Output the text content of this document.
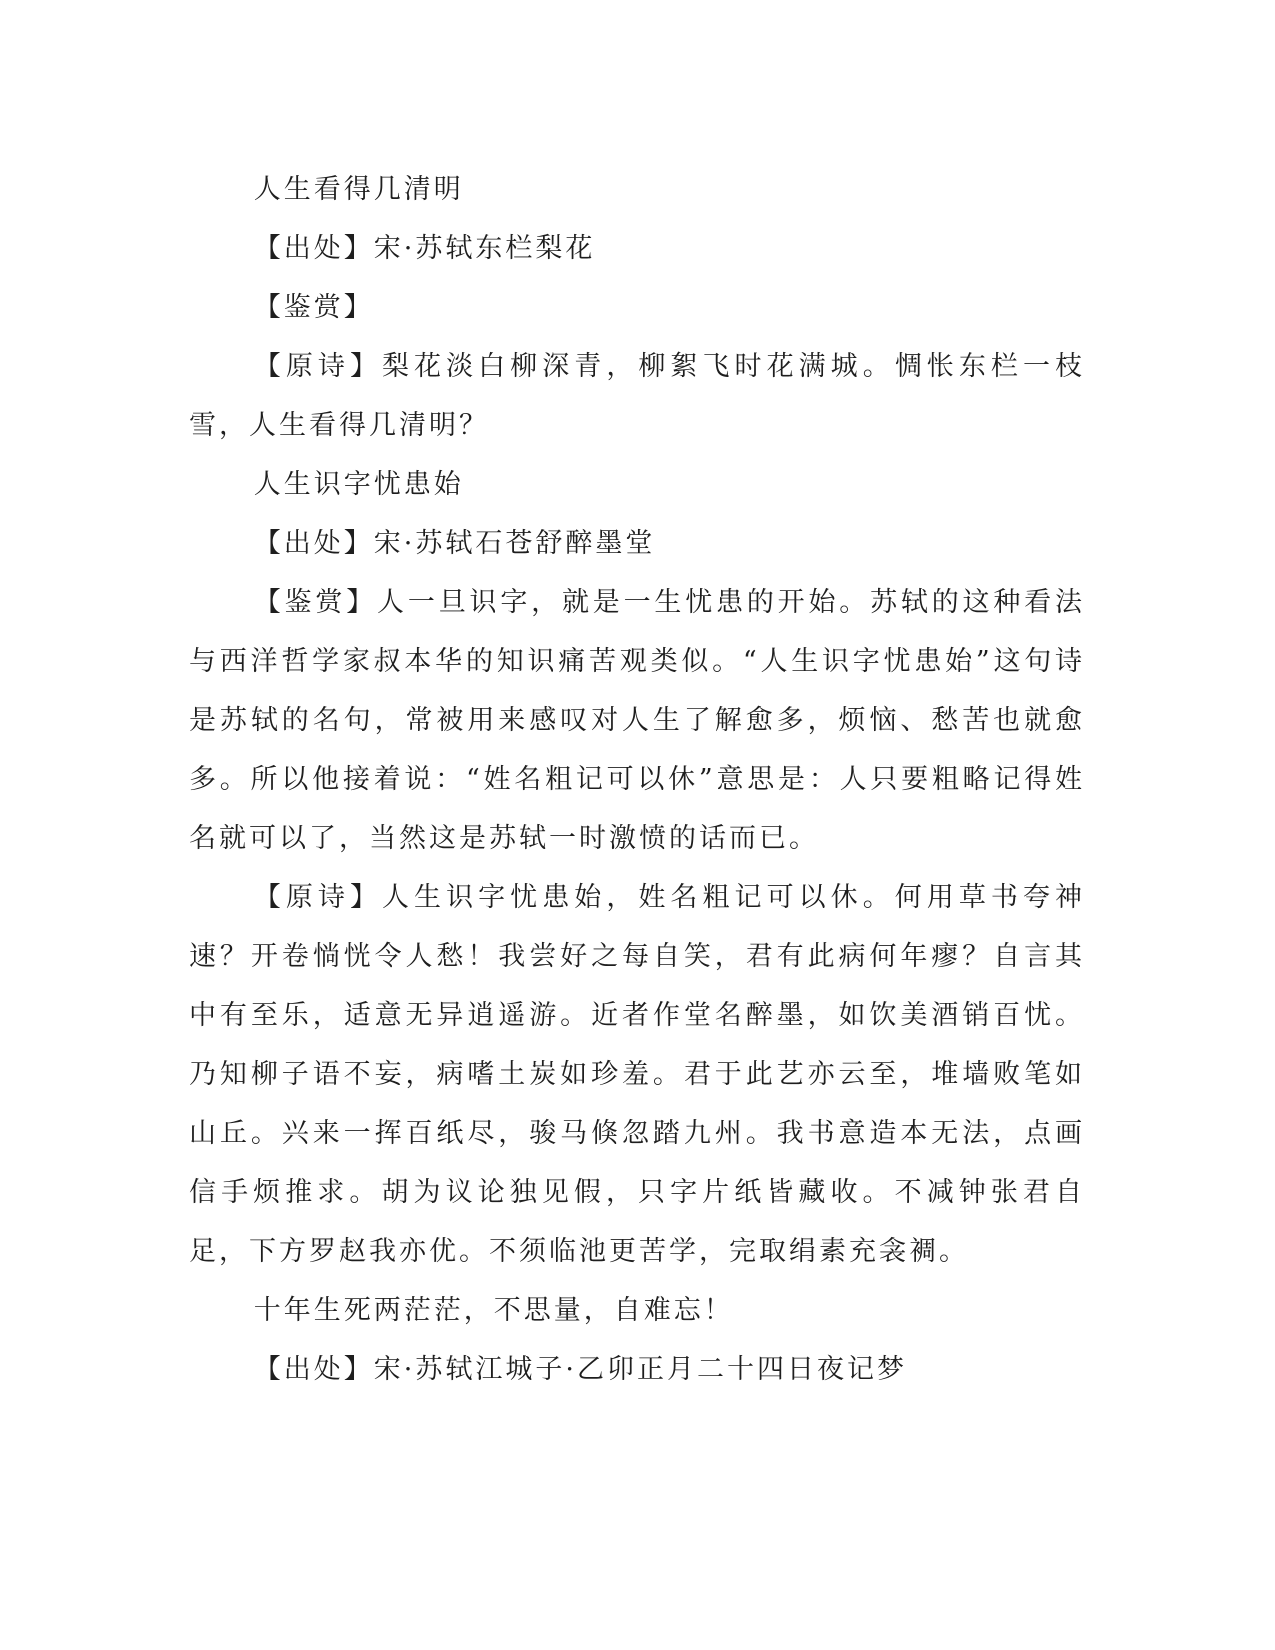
人生看得几清明

【出处】宋·苏轼东栏梨花

【鉴赏】

【原诗】梨花淡白柳深青，柳絮飞时花满城。惆怅东栏一枝雪，人生看得几清明？

人生识字忧患始

【出处】宋·苏轼石苍舒醉墨堂

【鉴赏】人一旦识字，就是一生忧患的开始。苏轼的这种看法与西洋哲学家叔本华的知识痛苦观类似。“人生识字忧患始”这句诗是苏轼的名句，常被用来感叹对人生了解愈多，烦恼、愁苦也就愈多。所以他接着说：“姓名粗记可以休”意思是：人只要粗略记得姓名就可以了，当然这是苏轼一时激愤的话而已。

【原诗】人生识字忧患始，姓名粗记可以休。何用草书夸神速？开卷惝恍令人愁！我尝好之每自笑，君有此病何年瘳？自言其中有至乐，适意无异逍遥游。近者作堂名醉墨，如饮美酒销百忧。乃知柳子语不妄，病嗜土炭如珍羞。君于此艺亦云至，堆墙败笔如山丘。兴来一挥百纸尽，骏马倏忽踏九州。我书意造本无法，点画信手烦推求。胡为议论独见假，只字片纸皆藏收。不减钟张君自足，下方罗赵我亦优。不须临池更苦学，完取绢素充衾裯。

十年生死两茫茫，不思量，自难忘！

【出处】宋·苏轼江城子·乙卯正月二十四日夜记梦
